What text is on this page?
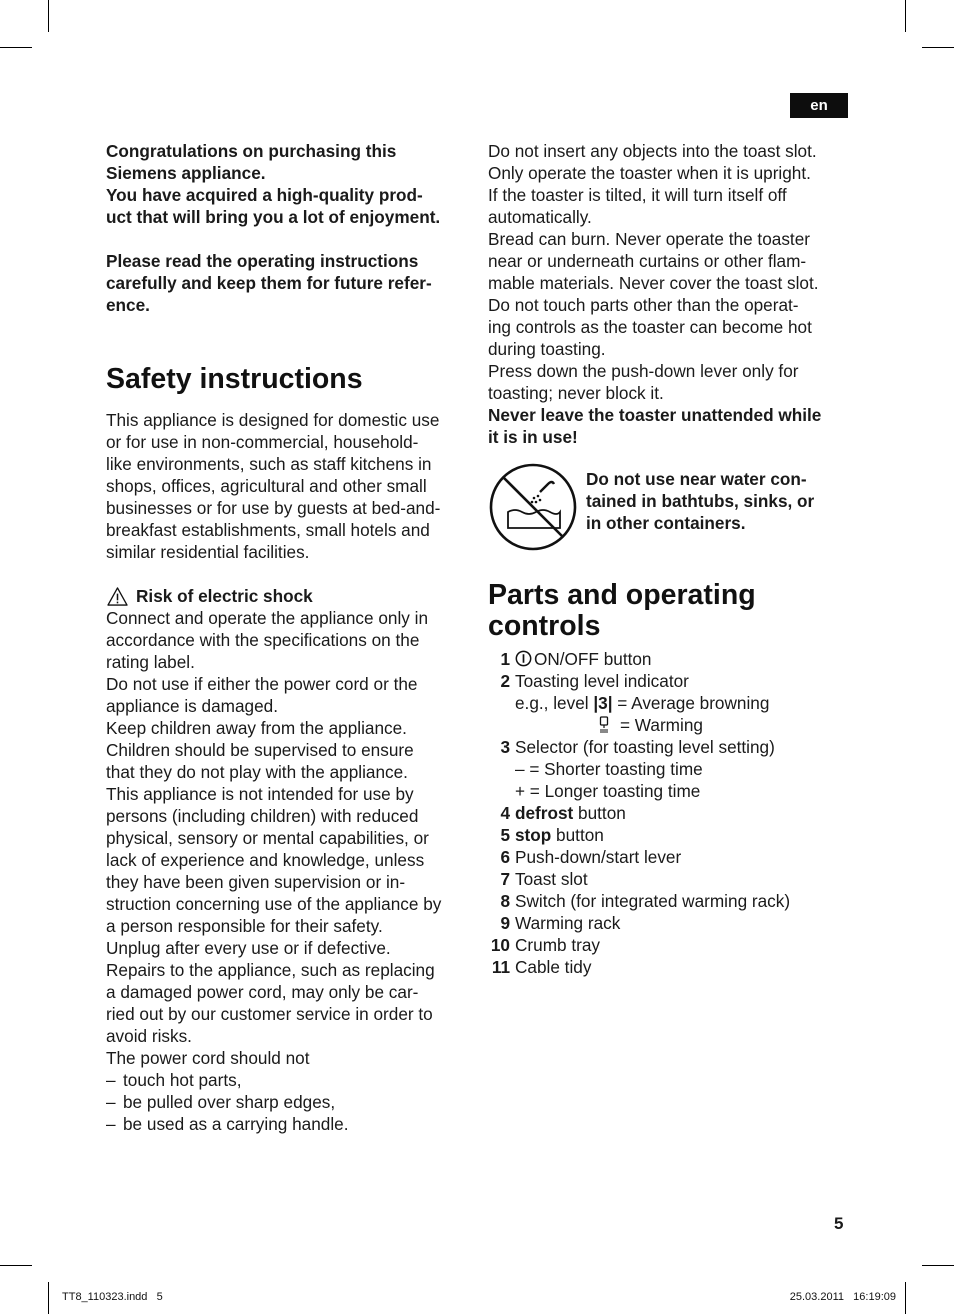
en

Congratulations on purchasing this

Siemens appliance.

You have acquired a high-quality prod-

uct that will bring you a lot of enjoyment.

Please read the operating instructions

carefully and keep them for future refer-

ence.

Safety instructions

This appliance is designed for domestic use

or for use in non-commercial, household-

like environments, such as staff kitchens in

shops, offices, agricultural and other small

businesses or for use by guests at bed-and-

breakfast establishments, small hotels and

similar residential facilities.

Risk of electric shock

Connect and operate the appliance only in

accordance with the specifications on the

rating label.

Do not use if either the power cord or the

appliance is damaged.

Keep children away from the appliance.

Children should be supervised to ensure

that they do not play with the appliance.

This appliance is not intended for use by

persons (including children) with reduced

physical, sensory or mental capabilities, or

lack of experience and knowledge, unless

they have been given supervision or in-

struction concerning use of the appliance by

a person responsible for their safety.

Unplug after every use or if defective.

Repairs to the appliance, such as replacing

a damaged power cord, may only be car-

ried out by our customer service in order to

avoid risks.

The power cord should not

– touch hot parts,
– be pulled over sharp edges,
– be used as a carrying handle.

Do not insert any objects into the toast slot.

Only operate the toaster when it is upright.

If the toaster is tilted, it will turn itself off

automatically.

Bread can burn. Never operate the toaster

near or underneath curtains or other flam-

mable materials. Never cover the toast slot.

Do not touch parts other than the operat-

ing controls as the toaster can become hot

during toasting.

Press down the push-down lever only for

toasting; never block it.

Never leave the toaster unattended while

it is in use!

Do not use near water con-

tained in bathtubs, sinks, or

in other containers.

Parts and operating
controls
1	ON/OFF button
2 Toasting level indicator
e.g., level |3| = Average browning
= Warming
3 Selector (for toasting level setting)
– = Shorter toasting time
+ = Longer toasting time
4 defrost button
5 stop button
6 Push-down/start lever
7 Toast slot
8 Switch (for integrated warming rack)
9 Warming rack
10 Crumb tray
11 Cable tidy
5
TT8_110323.indd   5	25.03.2011   16:19:09
